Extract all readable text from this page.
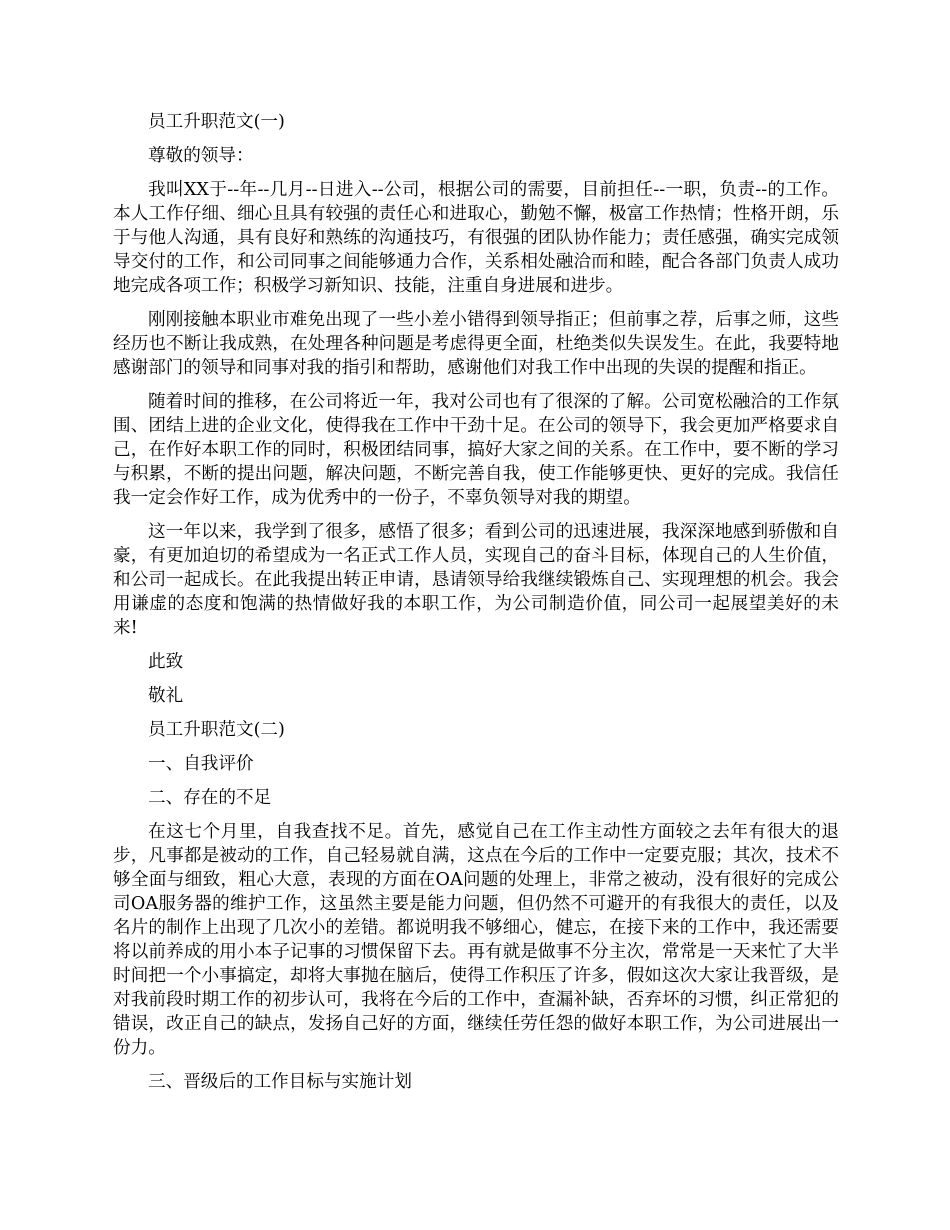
员工升职范文(一)
尊敬的领导：
我叫XX于--年--几月--日进入--公司，根据公司的需要，目前担任--一职，负责--的工作。本人工作仔细、细心且具有较强的责任心和进取心，勤勉不懈，极富工作热情；性格开朗，乐于与他人沟通，具有良好和熟练的沟通技巧，有很强的团队协作能力；责任感强，确实完成领导交付的工作，和公司同事之间能够通力合作，关系相处融洽而和睦，配合各部门负责人成功地完成各项工作；积极学习新知识、技能，注重自身进展和进步。
刚刚接触本职业市难免出现了一些小差小错得到领导指正；但前事之荐，后事之师，这些经历也不断让我成熟，在处理各种问题是考虑得更全面，杜绝类似失误发生。在此，我要特地感谢部门的领导和同事对我的指引和帮助，感谢他们对我工作中出现的失误的提醒和指正。
随着时间的推移，在公司将近一年，我对公司也有了很深的了解。公司宽松融洽的工作氛围、团结上进的企业文化，使得我在工作中干劲十足。在公司的领导下，我会更加严格要求自己，在作好本职工作的同时，积极团结同事，搞好大家之间的关系。在工作中，要不断的学习与积累，不断的提出问题，解决问题，不断完善自我，使工作能够更快、更好的完成。我信任我一定会作好工作，成为优秀中的一份子，不辜负领导对我的期望。
这一年以来，我学到了很多，感悟了很多；看到公司的迅速进展，我深深地感到骄傲和自豪，有更加迫切的希望成为一名正式工作人员，实现自己的奋斗目标，体现自己的人生价值，和公司一起成长。在此我提出转正申请，恳请领导给我继续锻炼自己、实现理想的机会。我会用谦虚的态度和饱满的热情做好我的本职工作，为公司制造价值，同公司一起展望美好的未来!
此致
敬礼
员工升职范文(二)
一、自我评价
二、存在的不足
在这七个月里，自我查找不足。首先，感觉自己在工作主动性方面较之去年有很大的退步，凡事都是被动的工作，自己轻易就自满，这点在今后的工作中一定要克服；其次，技术不够全面与细致，粗心大意，表现的方面在OA问题的处理上，非常之被动，没有很好的完成公司OA服务器的维护工作，这虽然主要是能力问题，但仍然不可避开的有我很大的责任，以及名片的制作上出现了几次小的差错。都说明我不够细心，健忘，在接下来的工作中，我还需要将以前养成的用小本子记事的习惯保留下去。再有就是做事不分主次，常常是一天来忙了大半时间把一个小事搞定，却将大事抛在脑后，使得工作积压了许多，假如这次大家让我晋级，是对我前段时期工作的初步认可，我将在今后的工作中，查漏补缺，否弃坏的习惯，纠正常犯的错误，改正自己的缺点，发扬自己好的方面，继续任劳任怨的做好本职工作，为公司进展出一份力。
三、晋级后的工作目标与实施计划
